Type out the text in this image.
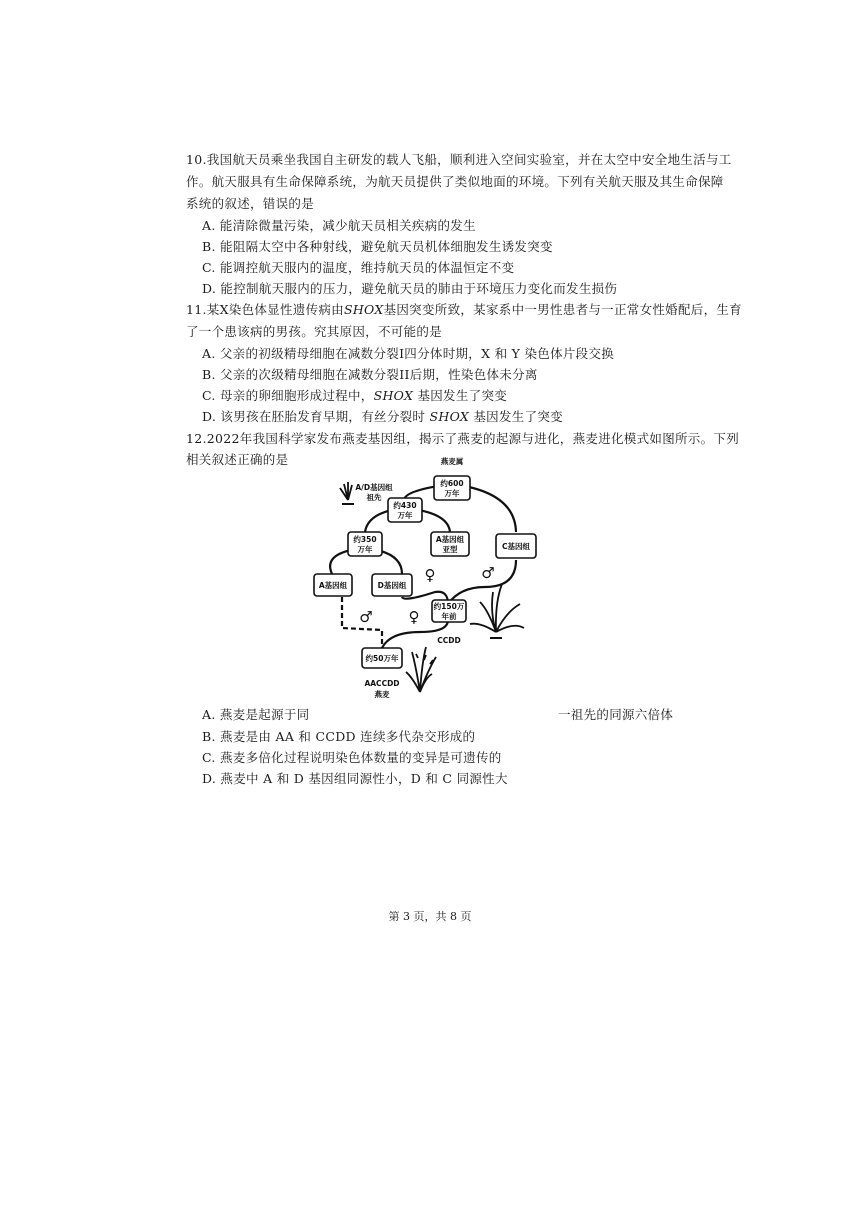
10.我国航天员乘坐我国自主研发的载人飞船，顺利进入空间实验室，并在太空中安全地生活与工
作。航天服具有生命保障系统，为航天员提供了类似地面的环境。下列有关航天服及其生命保障
系统的叙述，错误的是
A. 能清除微量污染，减少航天员相关疾病的发生
B. 能阻隔太空中各种射线，避免航天员机体细胞发生诱发突变
C. 能调控航天服内的温度，维持航天员的体温恒定不变
D. 能控制航天服内的压力，避免航天员的肺由于环境压力变化而发生损伤
11.某X染色体显性遗传病由SHOX基因突变所致，某家系中一男性患者与一正常女性婚配后，生育
了一个患该病的男孩。究其原因，不可能的是
A. 父亲的初级精母细胞在减数分裂I四分体时期，X 和 Y 染色体片段交换
B. 父亲的次级精母细胞在减数分裂II后期，性染色体未分离
C. 母亲的卵细胞形成过程中，SHOX 基因发生了突变
D. 该男孩在胚胎发育早期，有丝分裂时 SHOX 基因发生了突变
12.2022年我国科学家发布燕麦基因组，揭示了燕麦的起源与进化，燕麦进化模式如图所示。下列
相关叙述正确的是
约600
万年
约430
万年
约350
万年
A基因组
亚型	C基因组
A基因组	D基因组
约150万
年前
CCDD
约50万年
燕麦属
A/D基因组
祖先
AACCDD
燕麦
♀	♂
♂ ♀
A. 燕麦是起源于同	一祖先的同源六倍体
B. 燕麦是由 AA 和 CCDD 连续多代杂交形成的
C. 燕麦多倍化过程说明染色体数量的变异是可遗传的
D. 燕麦中 A 和 D 基因组同源性小，D 和 C 同源性大
第 3 页，共 8 页
